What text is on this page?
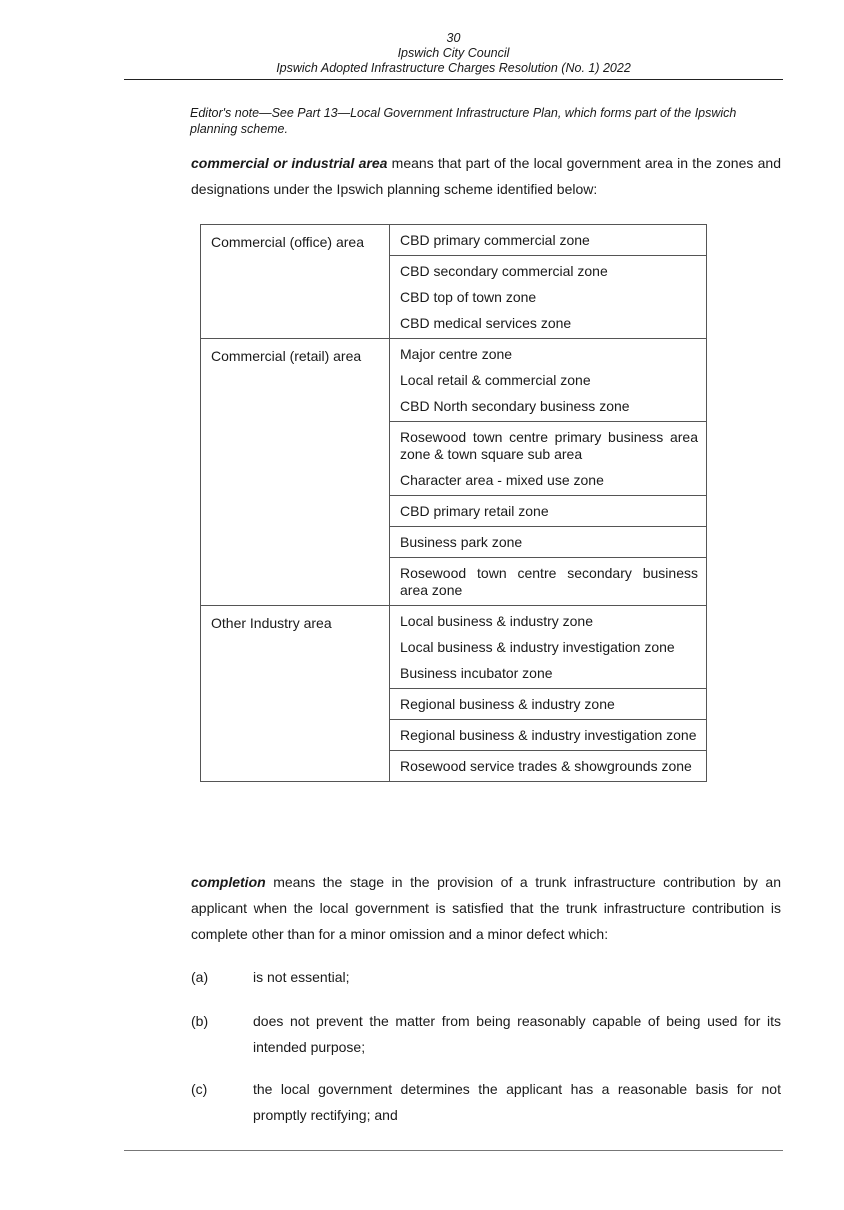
30
Ipswich City Council
Ipswich Adopted Infrastructure Charges Resolution (No. 1) 2022
Editor's note—See Part 13—Local Government Infrastructure Plan, which forms part of the Ipswich planning scheme.

commercial or industrial area means that part of the local government area in the zones and designations under the Ipswich planning scheme identified below:

Commercial (office) area	CBD primary commercial zone

	CBD secondary commercial zone
CBD top of town zone
CBD medical services zone

Commercial (retail) area	Major centre zone
Local retail & commercial zone
CBD North secondary business zone

	Rosewood town centre primary business area zone & town square sub area
Character area - mixed use zone

	CBD primary retail zone

	Business park zone

	Rosewood town centre secondary business area zone

Other Industry area	Local business & industry zone
Local business & industry investigation zone
Business incubator zone

	Regional business & industry zone

	Regional business & industry investigation zone

	Rosewood service trades & showgrounds zone

completion means the stage in the provision of a trunk infrastructure contribution by an applicant when the local government is satisfied that the trunk infrastructure contribution is complete other than for a minor omission and a minor defect which:

(a)	is not essential;
(b)	does not prevent the matter from being reasonably capable of being used for its intended purpose;
(c)	the local government determines the applicant has a reasonable basis for not promptly rectifying; and
